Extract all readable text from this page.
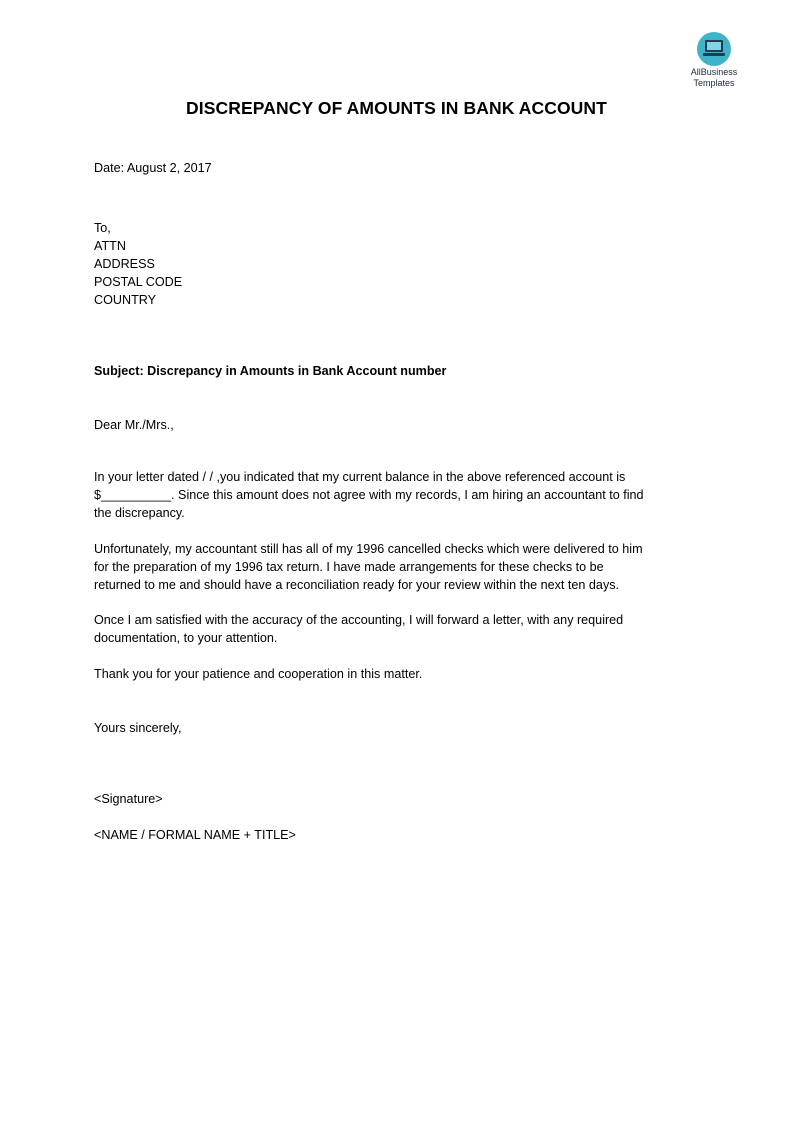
AllBusiness
Templates
DISCREPANCY OF AMOUNTS IN BANK ACCOUNT
Date: August 2, 2017
To,
ATTN
ADDRESS
POSTAL CODE
COUNTRY
Subject: Discrepancy in Amounts in Bank Account number
Dear Mr./Mrs.,
In your letter dated / / ,you indicated that my current balance in the above referenced account is
$__________. Since this amount does not agree with my records, I am hiring an accountant to find
the discrepancy.
Unfortunately, my accountant still has all of my 1996 cancelled checks which were delivered to him
for the preparation of my 1996 tax return. I have made arrangements for these checks to be
returned to me and should have a reconciliation ready for your review within the next ten days.
Once I am satisfied with the accuracy of the accounting, I will forward a letter, with any required
documentation, to your attention.
Thank you for your patience and cooperation in this matter.
Yours sincerely,
<Signature>
<NAME / FORMAL NAME + TITLE>
